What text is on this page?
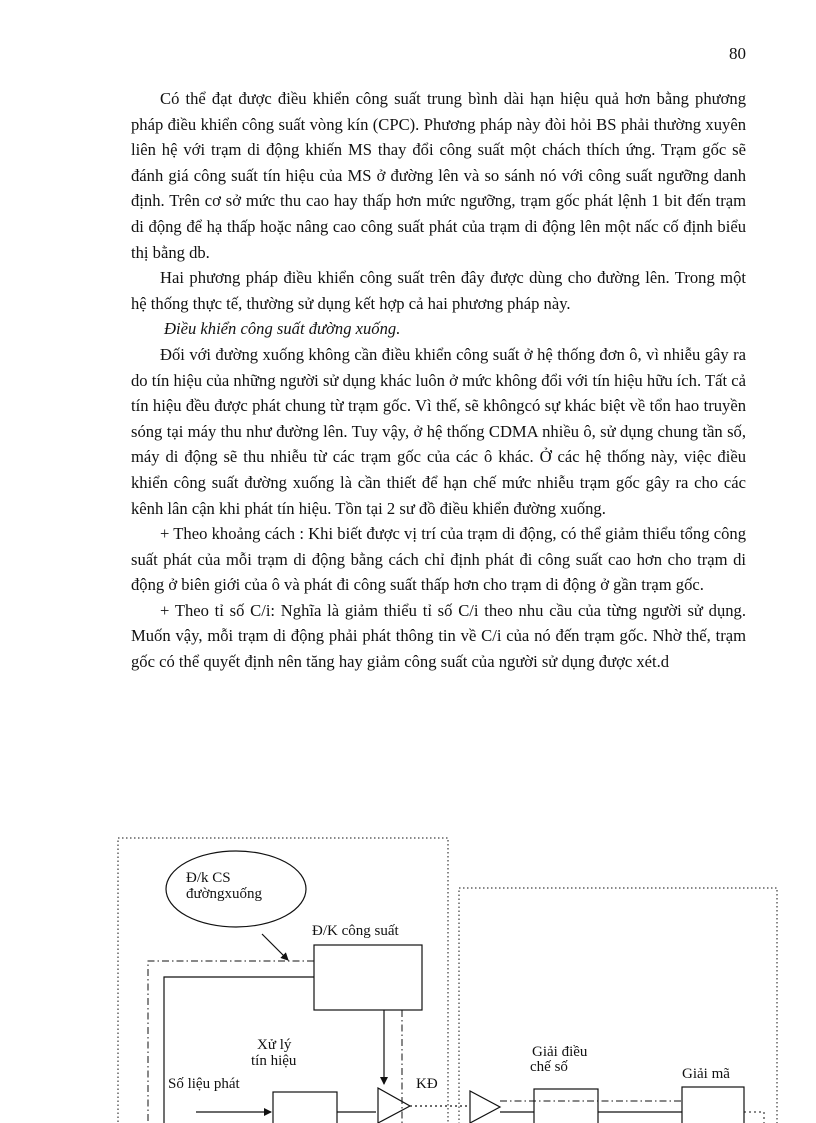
80

Có thể đạt được điều khiển công suất trung bình dài hạn hiệu quả hơn bằng phương pháp điều khiển công suất vòng kín (CPC). Phương pháp này đòi hỏi BS phải thường xuyên liên hệ với trạm di động khiến MS thay đổi công suất một chách thích ứng. Trạm gốc sẽ đánh giá công suất tín hiệu của MS ở đường lên và so sánh nó với công suất ngưỡng danh định. Trên cơ sở mức thu cao hay thấp hơn mức ngưỡng, trạm gốc phát lệnh 1 bit đến trạm di động để hạ thấp hoặc nâng cao công suất phát của trạm di động lên một nấc cố định biểu thị bằng db.

Hai phương pháp điều khiển công suất trên đây được dùng cho đường lên. Trong một hệ thống thực tế, thường sử dụng kết hợp cả hai phương pháp này.

Điều khiển công suất đường xuống.

Đối với đường xuống không cần điều khiển công suất ở hệ thống đơn ô, vì nhiễu gây ra do tín hiệu của những người sử dụng khác luôn ở mức không đổi với tín hiệu hữu ích. Tất cả tín hiệu đều được phát chung từ trạm gốc. Vì thế, sẽ khôngcó sự khác biệt về tổn hao truyền sóng tại máy thu như đường lên. Tuy vậy, ở hệ thống CDMA nhiều ô, sử dụng chung tần số, máy di động sẽ thu nhiễu từ các trạm gốc của các ô khác. Ở các hệ thống này, việc điều khiển công suất đường xuống là cần thiết để hạn chế mức nhiễu trạm gốc gây ra cho các kênh lân cận khi phát tín hiệu. Tồn tại 2 sư đồ điều khiển đường xuống.

+ Theo khoảng cách : Khi biết được vị trí của trạm di động, có thể giảm thiểu tổng công suất phát của mỗi trạm di động bằng cách chỉ định phát đi công suất cao hơn cho trạm di động ở biên giới của ô và phát đi công suất thấp hơn cho trạm di động ở gần trạm gốc.

+ Theo tỉ số C/i: Nghĩa là giảm thiểu tỉ số C/i theo nhu cầu của từng người sử dụng. Muốn vậy, mỗi trạm di động phải phát thông tin về C/i của nó đến trạm gốc. Nhờ thế, trạm gốc có thể quyết định nên tăng hay giảm công suất của người sử dụng được xét.d

Đ/k CS
đườngxuống
Đ/K công suất
Xử lý
tín hiệu
Số liệu phát	KĐ
Giải điều
chế số	Giải mã
